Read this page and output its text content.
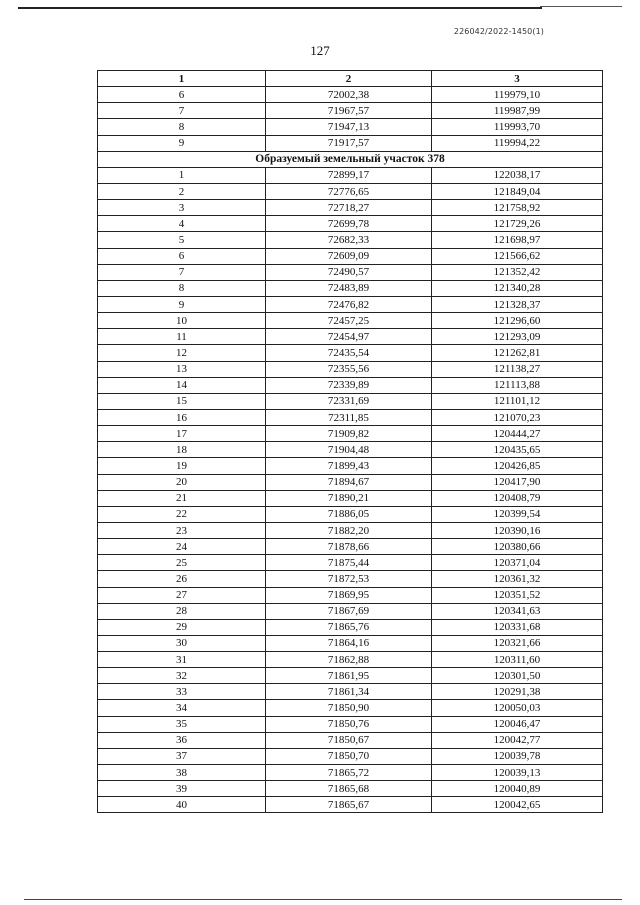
226042/2022-1450(1)
127
1	2	3
6	72002,38	119979,10
7	71967,57	119987,99
8	71947,13	119993,70
9	71917,57	119994,22
Образуемый земельный участок 378		
1	72899,17	122038,17
2	72776,65	121849,04
3	72718,27	121758,92
4	72699,78	121729,26
5	72682,33	121698,97
6	72609,09	121566,62
7	72490,57	121352,42
8	72483,89	121340,28
9	72476,82	121328,37
10	72457,25	121296,60
11	72454,97	121293,09
12	72435,54	121262,81
13	72355,56	121138,27
14	72339,89	121113,88
15	72331,69	121101,12
16	72311,85	121070,23
17	71909,82	120444,27
18	71904,48	120435,65
19	71899,43	120426,85
20	71894,67	120417,90
21	71890,21	120408,79
22	71886,05	120399,54
23	71882,20	120390,16
24	71878,66	120380,66
25	71875,44	120371,04
26	71872,53	120361,32
27	71869,95	120351,52
28	71867,69	120341,63
29	71865,76	120331,68
30	71864,16	120321,66
31	71862,88	120311,60
32	71861,95	120301,50
33	71861,34	120291,38
34	71850,90	120050,03
35	71850,76	120046,47
36	71850,67	120042,77
37	71850,70	120039,78
38	71865,72	120039,13
39	71865,68	120040,89
40	71865,67	120042,65
